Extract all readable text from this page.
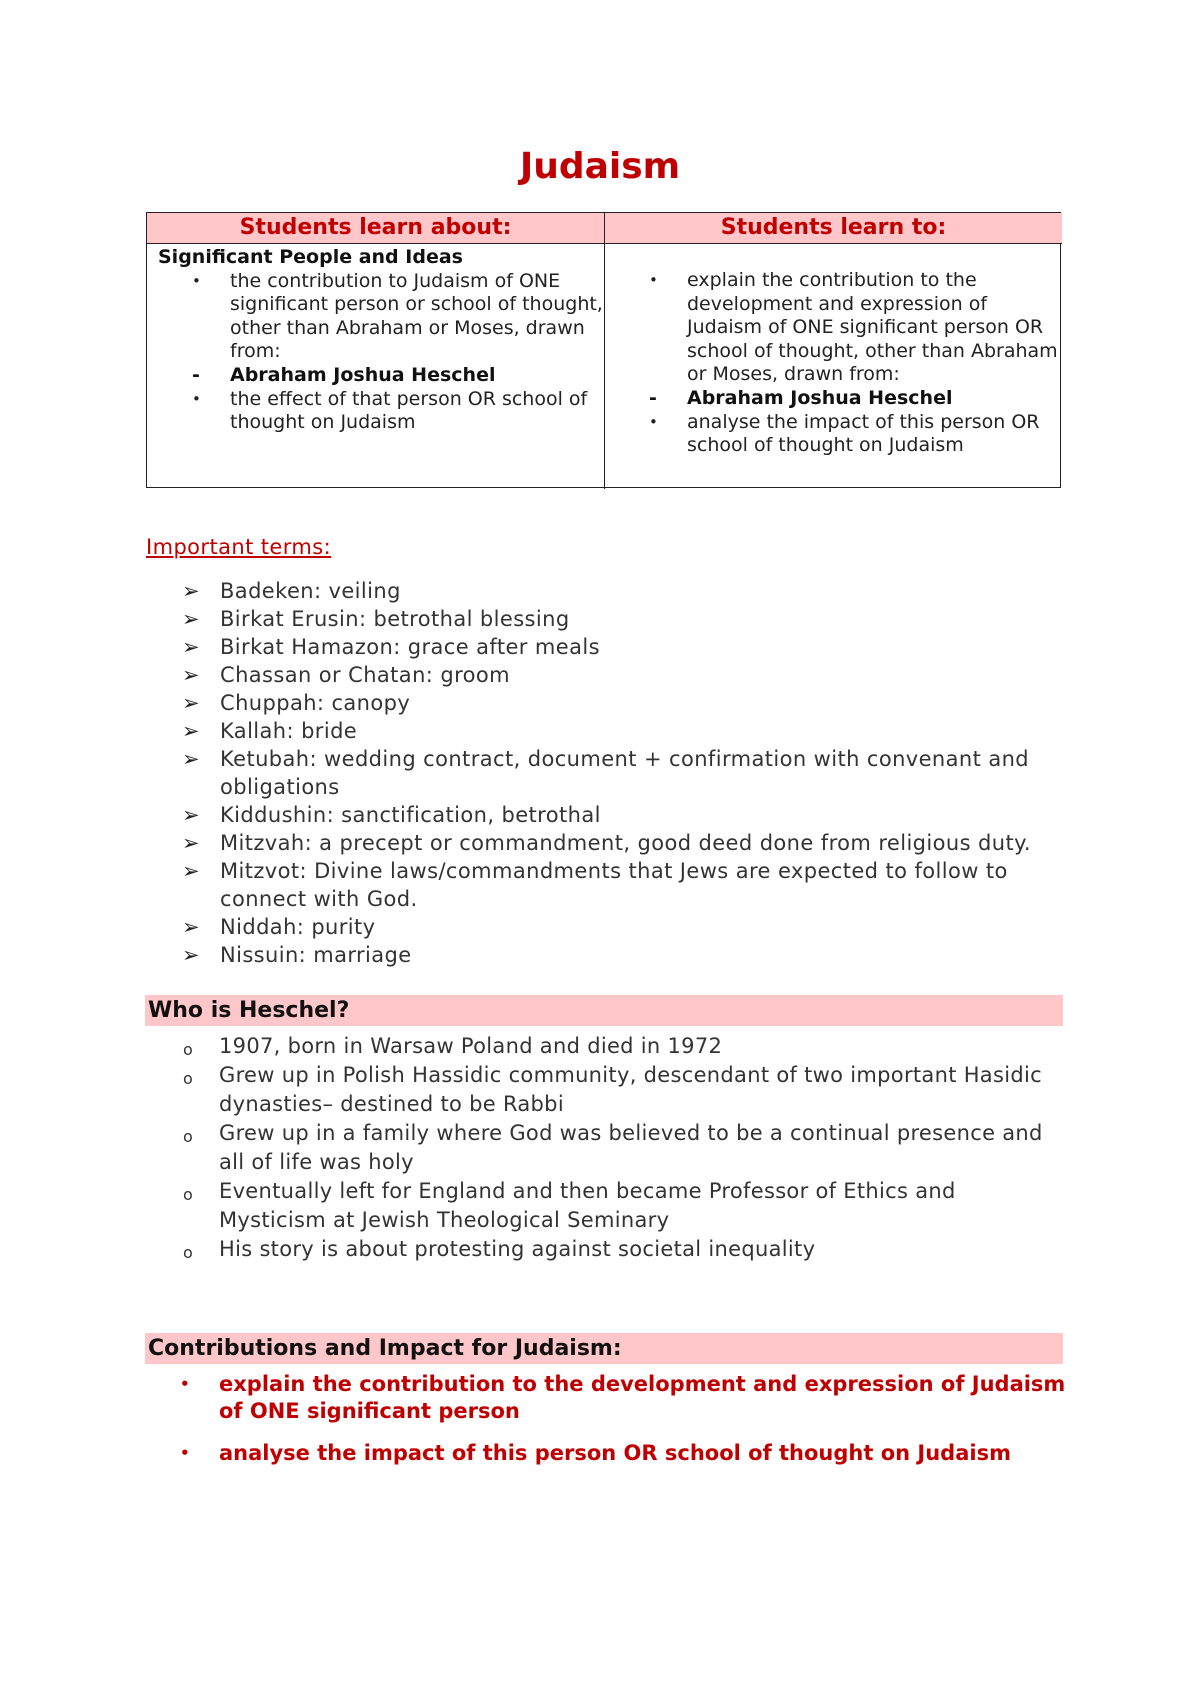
Judaism
Students learn about:	Students learn to:
Significant People and Ideas
• the contribution to Judaism of ONE significant person or school of thought, other than Abraham or Moses, drawn from:
- Abraham Joshua Heschel
• the effect of that person OR school of thought on Judaism
• explain the contribution to the development and expression of Judaism of ONE significant person OR school of thought, other than Abraham or Moses, drawn from:
- Abraham Joshua Heschel
• analyse the impact of this person OR school of thought on Judaism
Important terms:
➢ Badeken: veiling
➢ Birkat Erusin: betrothal blessing
➢ Birkat Hamazon: grace after meals
➢ Chassan or Chatan: groom
➢ Chuppah: canopy
➢ Kallah: bride
➢ Ketubah: wedding contract, document + confirmation with convenant and obligations
➢ Kiddushin: sanctification, betrothal
➢ Mitzvah: a precept or commandment, good deed done from religious duty.
➢ Mitzvot: Divine laws/commandments that Jews are expected to follow to connect with God.
➢ Niddah: purity
➢ Nissuin: marriage
Who is Heschel?
o 1907, born in Warsaw Poland and died in 1972
o Grew up in Polish Hassidic community, descendant of two important Hasidic dynasties– destined to be Rabbi
o Grew up in a family where God was believed to be a continual presence and all of life was holy
o Eventually left for England and then became Professor of Ethics and Mysticism at Jewish Theological Seminary
o His story is about protesting against societal inequality
Contributions and Impact for Judaism:
• explain the contribution to the development and expression of Judaism of ONE significant person
• analyse the impact of this person OR school of thought on Judaism
